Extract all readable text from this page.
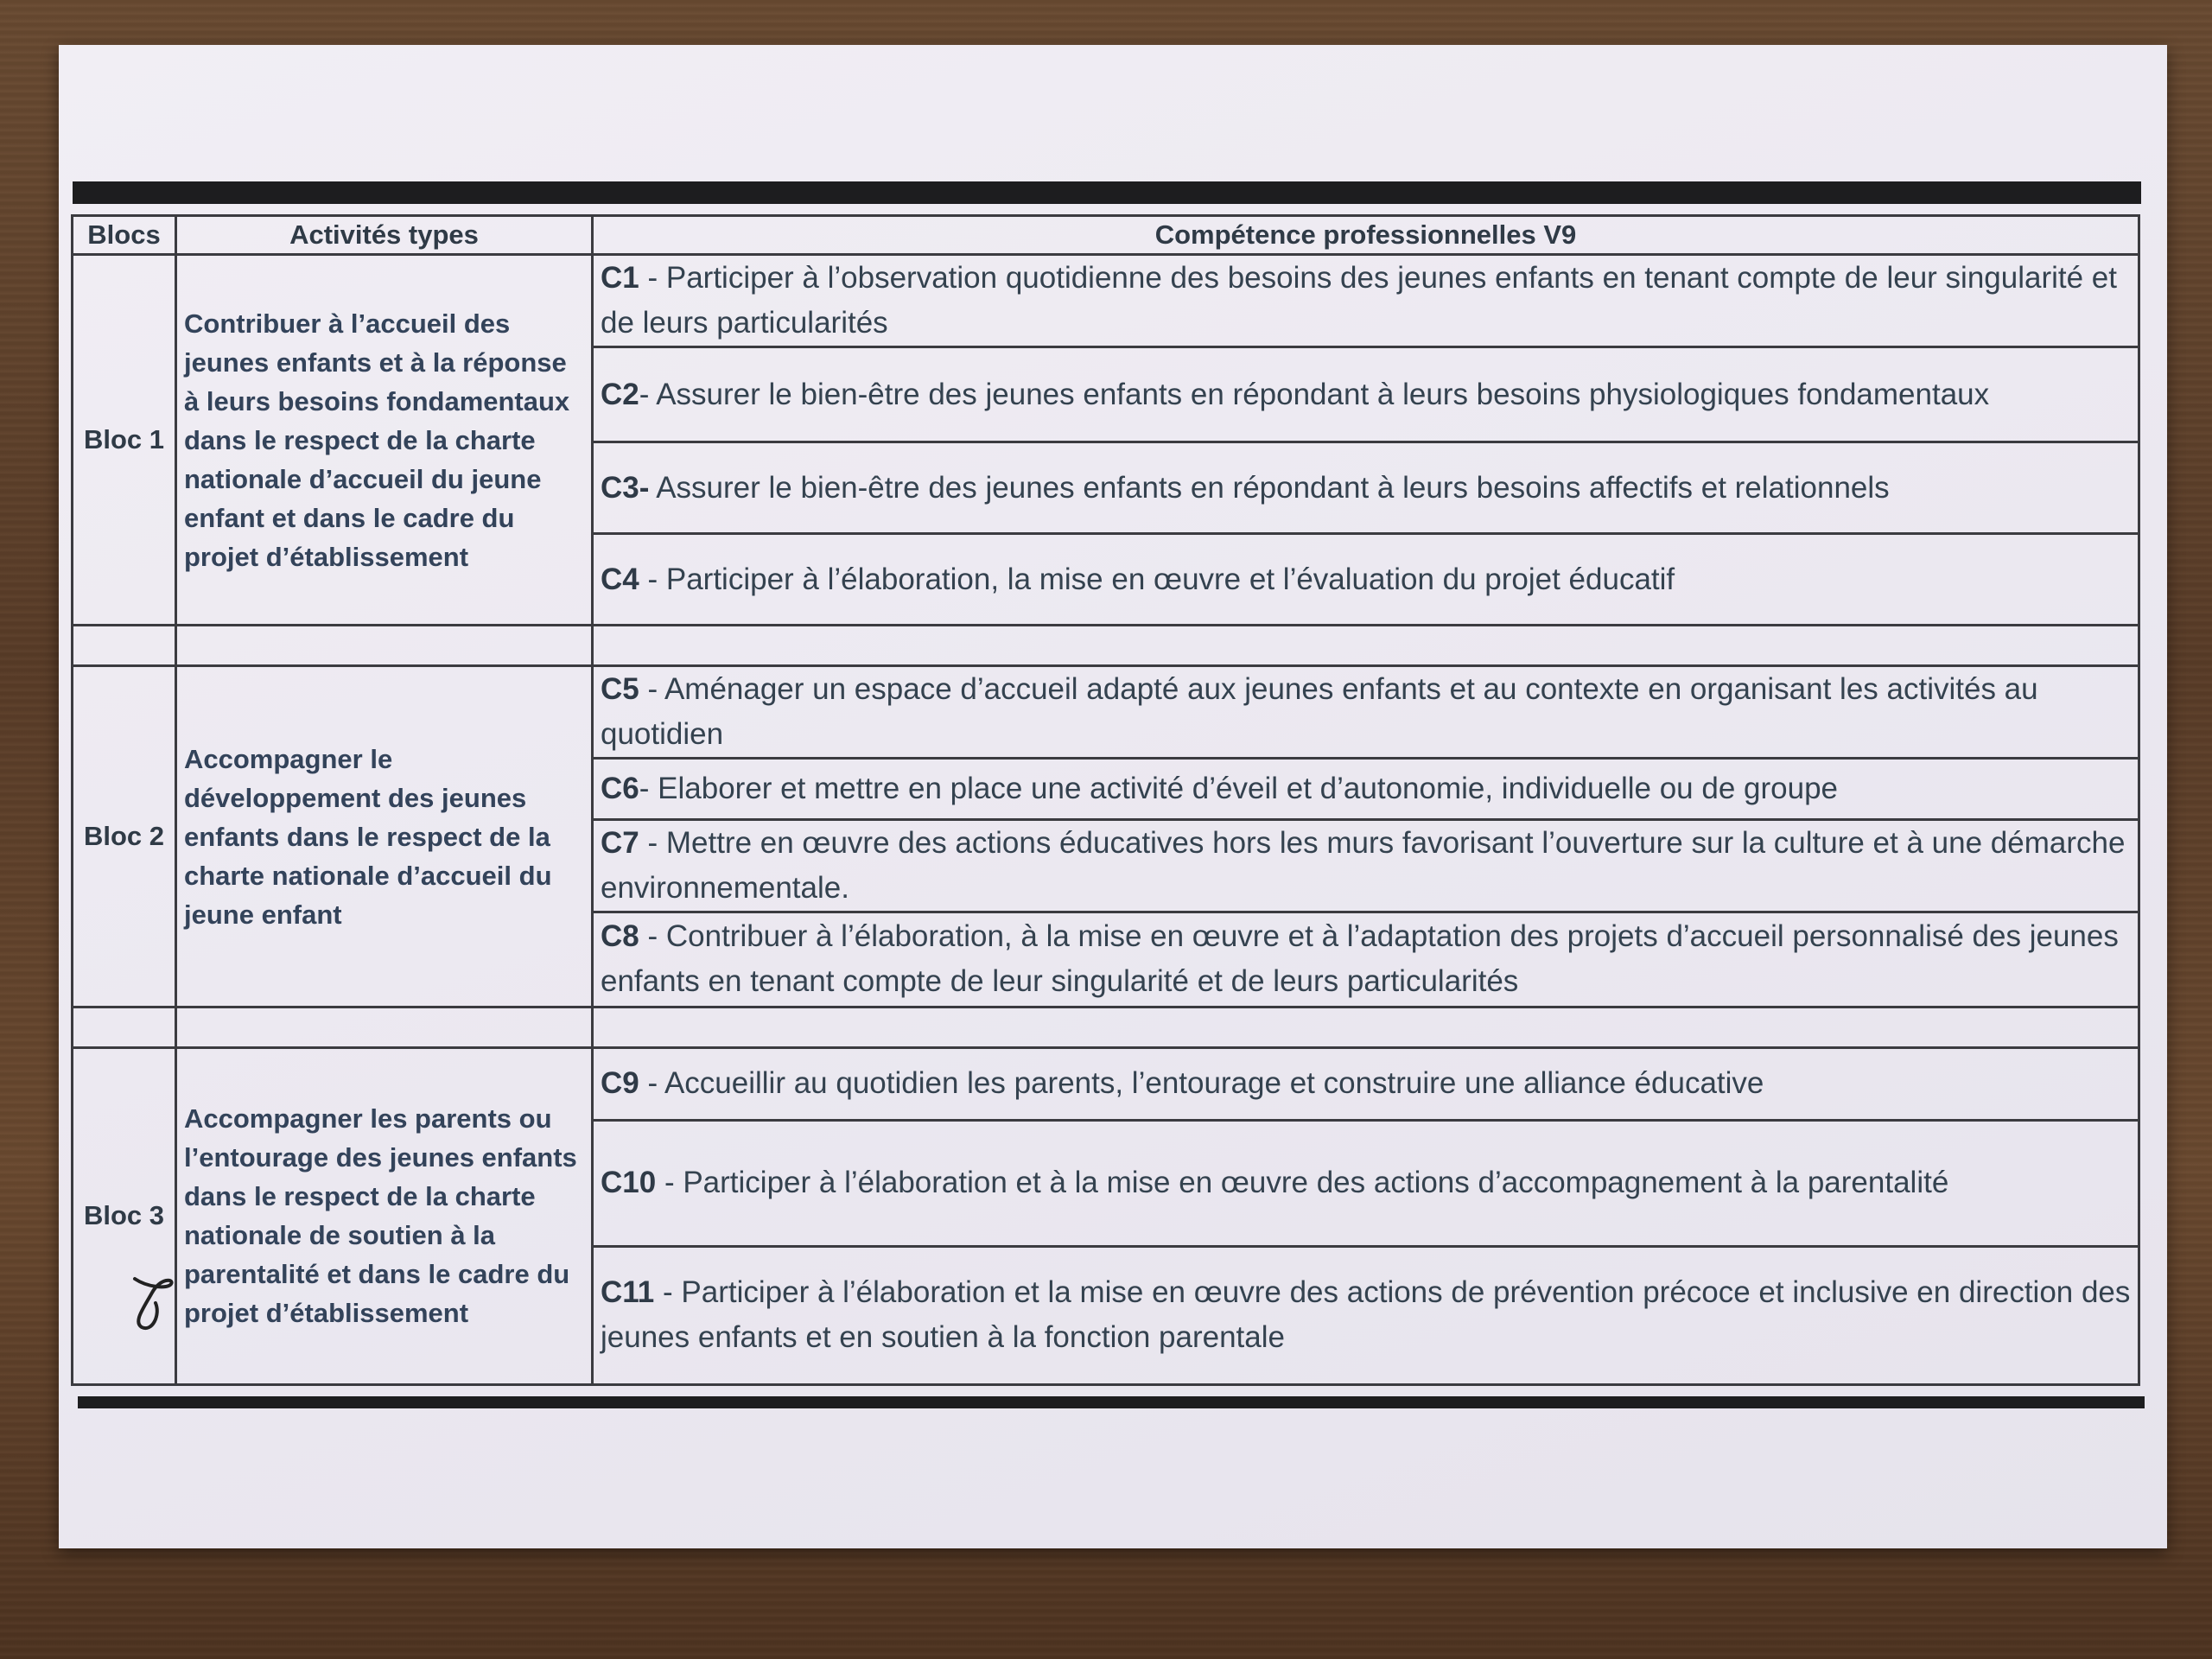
Blocs	Activités types	Compétence professionnelles V9
Bloc 1	Contribuer à l’accueil des jeunes enfants et à la réponse à leurs besoins fondamentaux dans le respect de la charte nationale d’accueil du jeune enfant et dans le cadre du projet d’établissement	C1 - Participer à l’observation quotidienne des besoins des jeunes enfants en tenant compte de leur singularité et de leurs particularités
		C2- Assurer le bien-être des jeunes enfants en répondant à leurs besoins physiologiques fondamentaux
		C3- Assurer le bien-être des jeunes enfants en répondant à leurs besoins affectifs et relationnels
		C4 - Participer à l’élaboration, la mise en œuvre et l’évaluation du projet éducatif

Bloc 2	Accompagner le développement des jeunes enfants dans le respect de la charte nationale d’accueil du jeune enfant	C5 - Aménager un espace d’accueil adapté aux jeunes enfants et au contexte en organisant les activités au quotidien
		C6- Elaborer et mettre en place une activité d’éveil et d’autonomie, individuelle ou de groupe
		C7 - Mettre en œuvre des actions éducatives hors les murs favorisant l’ouverture sur la culture et à une démarche environnementale.
		C8 - Contribuer à l’élaboration, à la mise en œuvre et à l’adaptation des projets d’accueil personnalisé des jeunes enfants en tenant compte de leur singularité et de leurs particularités

Bloc 3	Accompagner les parents ou l’entourage des jeunes enfants dans le respect de la charte nationale de soutien à la parentalité et dans le cadre du projet d’établissement	C9 - Accueillir au quotidien les parents, l’entourage et construire une alliance éducative
		C10 - Participer à l’élaboration et à la mise en œuvre des actions d’accompagnement à la parentalité
		C11 - Participer à l’élaboration et la mise en œuvre des actions de prévention précoce et inclusive en direction des jeunes enfants et en soutien à la fonction parentale
